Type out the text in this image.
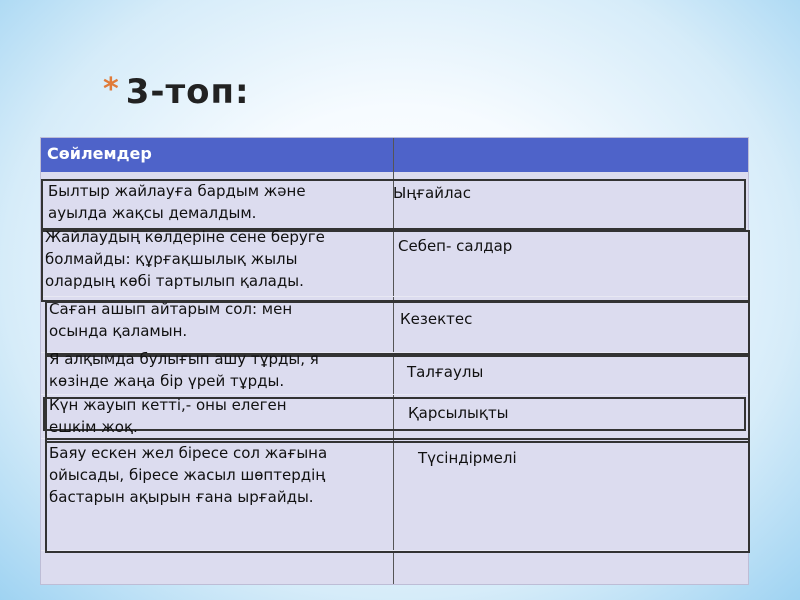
* 3-топ:
Сөйлемдер
Былтыр жайлауға бардым және
ауылда жақсы демалдым.
Ыңғайлас
Жайлаудың көлдеріне сене беруге
болмайды: құрғақшылық жылы
олардың көбі тартылып қалады.
Себеп- салдар
Саған ашып айтарым сол: мен
осында қаламын.
Кезектес
Я алқымда булығып ашу тұрды, я
көзінде жаңа бір үрей тұрды.	Талғаулы
Күн жауып кетті,- оны елеген
ешкім жоқ.
Қарсылықты
Баяу ескен жел біресе сол жағына
ойысады, біресе жасыл шөптердің
бастарын ақырын ғана ырғайды.
Түсіндірмелі
